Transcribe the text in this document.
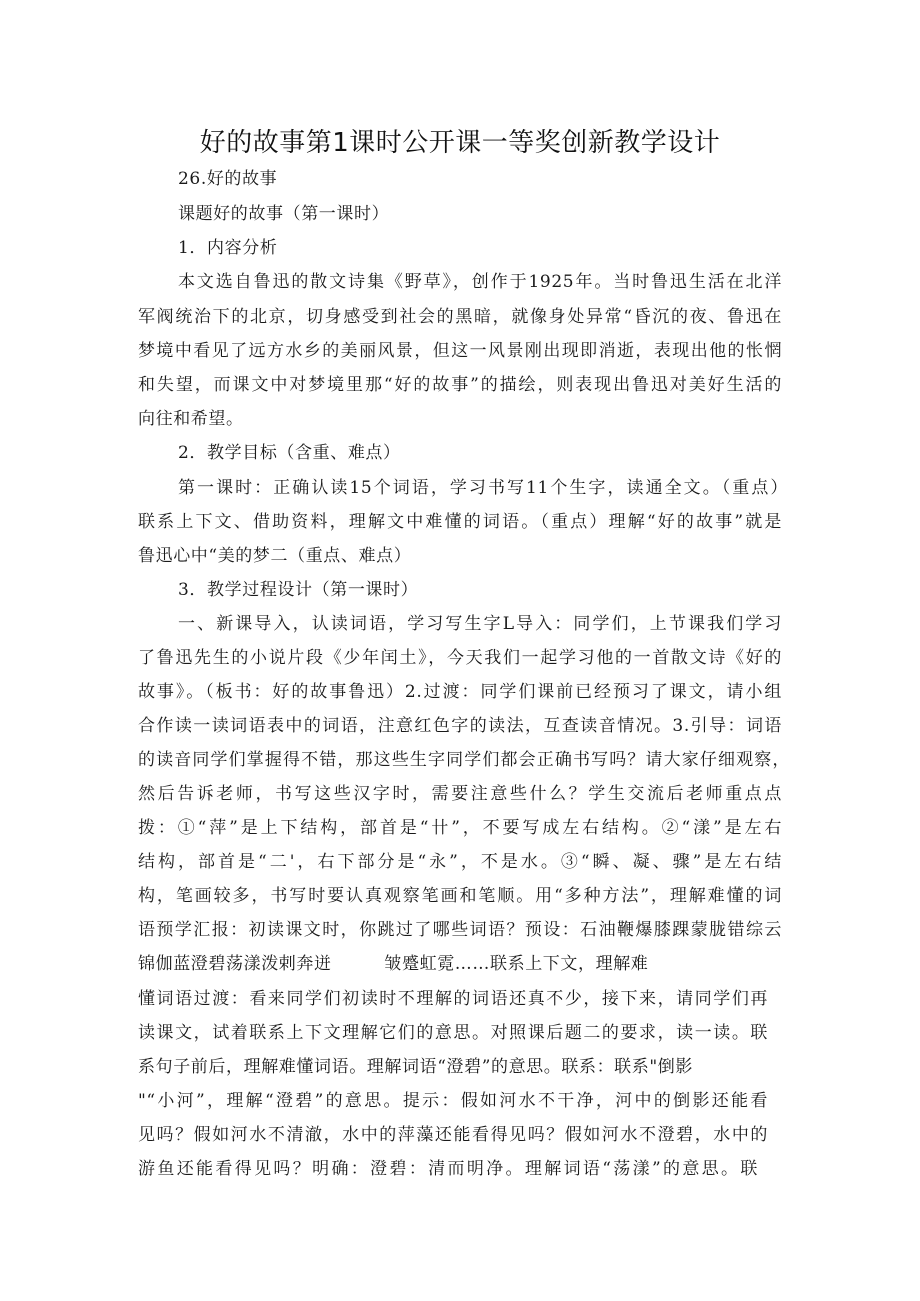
好的故事第1课时公开课一等奖创新教学设计
26.好的故事
课题好的故事（第一课时）
1．内容分析
本文选自鲁迅的散文诗集《野草》，创作于1925年。当时鲁迅生活在北洋
军阀统治下的北京，切身感受到社会的黑暗，就像身处异常“昏沉的夜、鲁迅在
梦境中看见了远方水乡的美丽风景，但这一风景刚出现即消逝，表现出他的怅惘
和失望，而课文中对梦境里那“好的故事”的描绘，则表现出鲁迅对美好生活的
向往和希望。
2．教学目标（含重、难点）
第一课时：正确认读15个词语，学习书写11个生字，读通全文。（重点）
联系上下文、借助资料，理解文中难懂的词语。（重点）理解“好的故事”就是
鲁迅心中“美的梦二（重点、难点）
3．教学过程设计（第一课时）
一、新课导入，认读词语，学习写生字L导入：同学们，上节课我们学习
了鲁迅先生的小说片段《少年闰土》，今天我们一起学习他的一首散文诗《好的
故事》。（板书：好的故事鲁迅）2.过渡：同学们课前已经预习了课文，请小组
合作读一读词语表中的词语，注意红色字的读法，互查读音情况。3.引导：词语
的读音同学们掌握得不错，那这些生字同学们都会正确书写吗？请大家仔细观察，
然后告诉老师，书写这些汉字时，需要注意些什么？学生交流后老师重点点
拨：①“萍”是上下结构，部首是“卄”，不要写成左右结构。②“漾”是左右
结构，部首是“二'，右下部分是“永”，不是水。③“瞬、凝、骤”是左右结
构，笔画较多，书写时要认真观察笔画和笔顺。用“多种方法”，理解难懂的词
语预学汇报：初读课文时，你跳过了哪些词语？预设：石油鞭爆膝踝蒙胧错综云
锦伽蓝澄碧荡漾泼剌奔迸　　　皱蹙虹霓……联系上下文，理解难
懂词语过渡：看来同学们初读时不理解的词语还真不少，接下来，请同学们再
读课文，试着联系上下文理解它们的意思。对照课后题二的要求，读一读。联
系句子前后，理解难懂词语。理解词语“澄碧”的意思。联系：联系"倒影
"“小河”，理解“澄碧”的意思。提示：假如河水不干净，河中的倒影还能看
见吗？假如河水不清澈，水中的萍藻还能看得见吗？假如河水不澄碧，水中的
游鱼还能看得见吗？明确：澄碧：清而明净。理解词语“荡漾”的意思。联
